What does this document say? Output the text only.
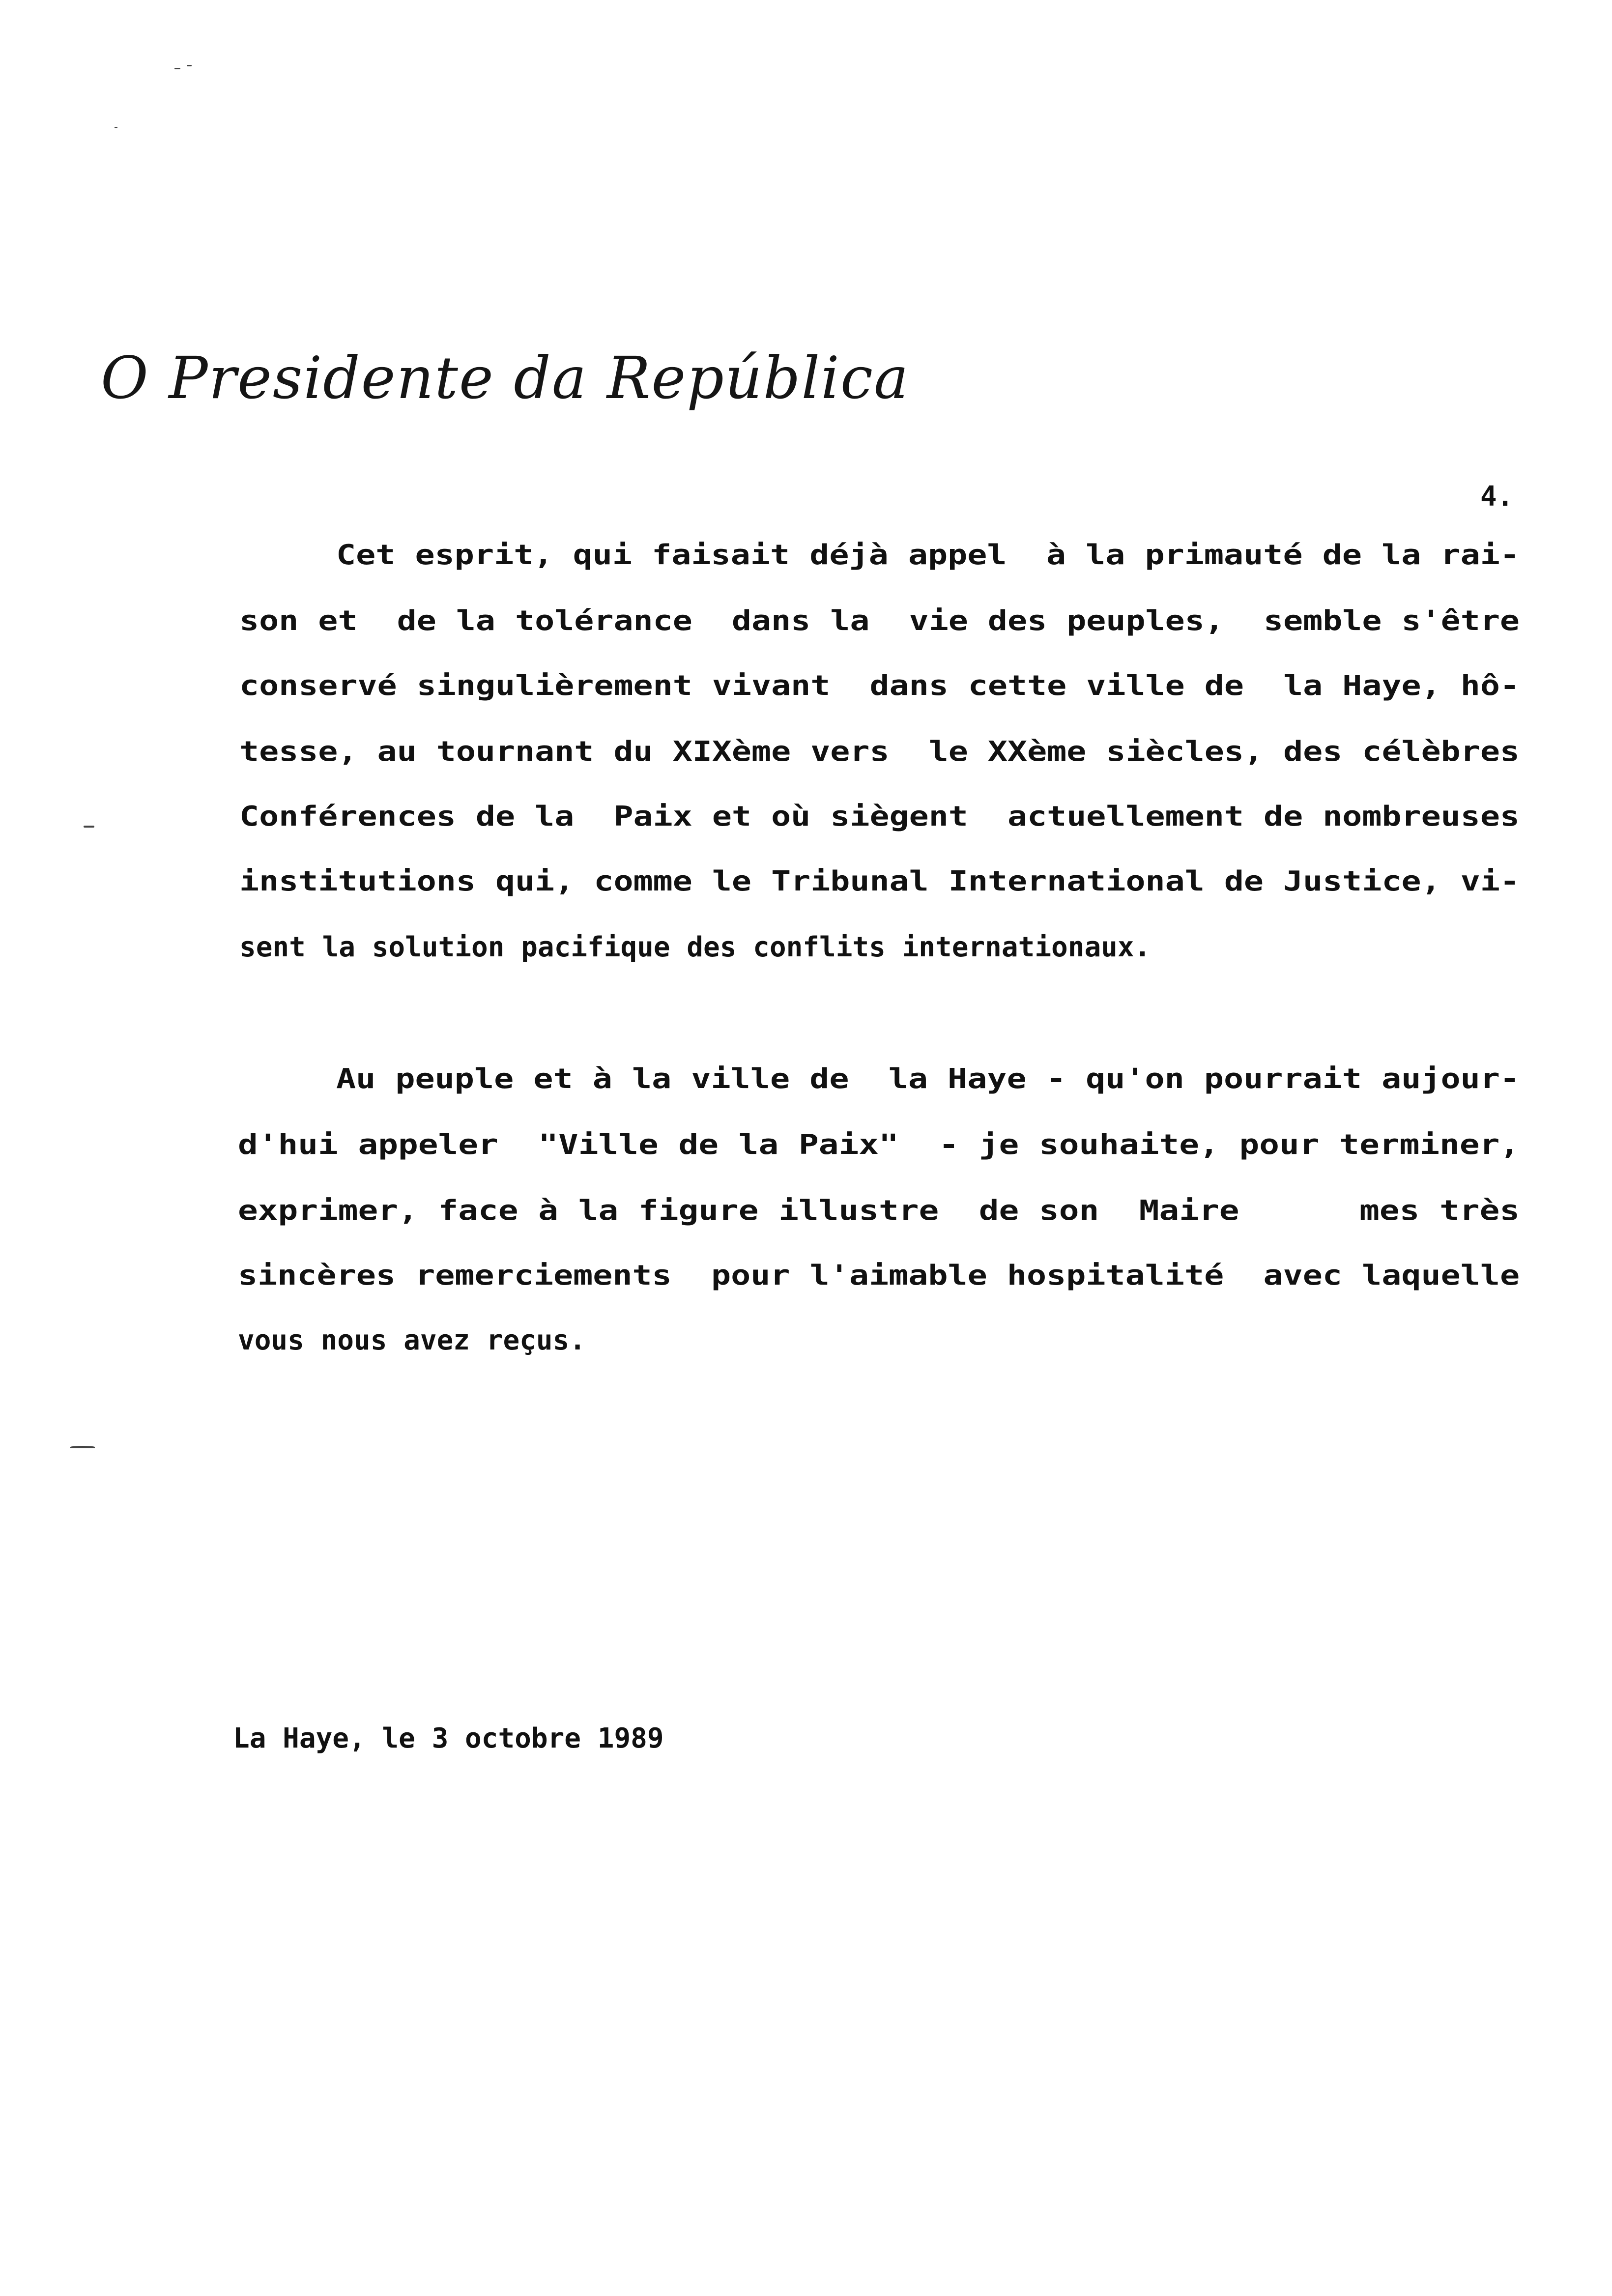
O Presidente da República
4.
Cet esprit, qui faisait déjà appel  à la primauté de la rai-
son et  de la tolérance  dans la  vie des peuples,  semble s'être
conservé singulièrement vivant  dans cette ville de  la Haye, hô-
tesse, au tournant du XIXème vers  le XXème siècles, des célèbres
Conférences de la  Paix et où siègent  actuellement de nombreuses
institutions qui, comme le Tribunal International de Justice, vi-
sent la solution pacifique des conflits internationaux.
Au peuple et à la ville de  la Haye - qu'on pourrait aujour-
d'hui appeler  "Ville de la Paix"  - je souhaite, pour terminer,
exprimer, face à la figure illustre  de son  Maire      mes très
sincères remerciements  pour l'aimable hospitalité  avec laquelle
vous nous avez reçus.
La Haye, le 3 octobre 1989
